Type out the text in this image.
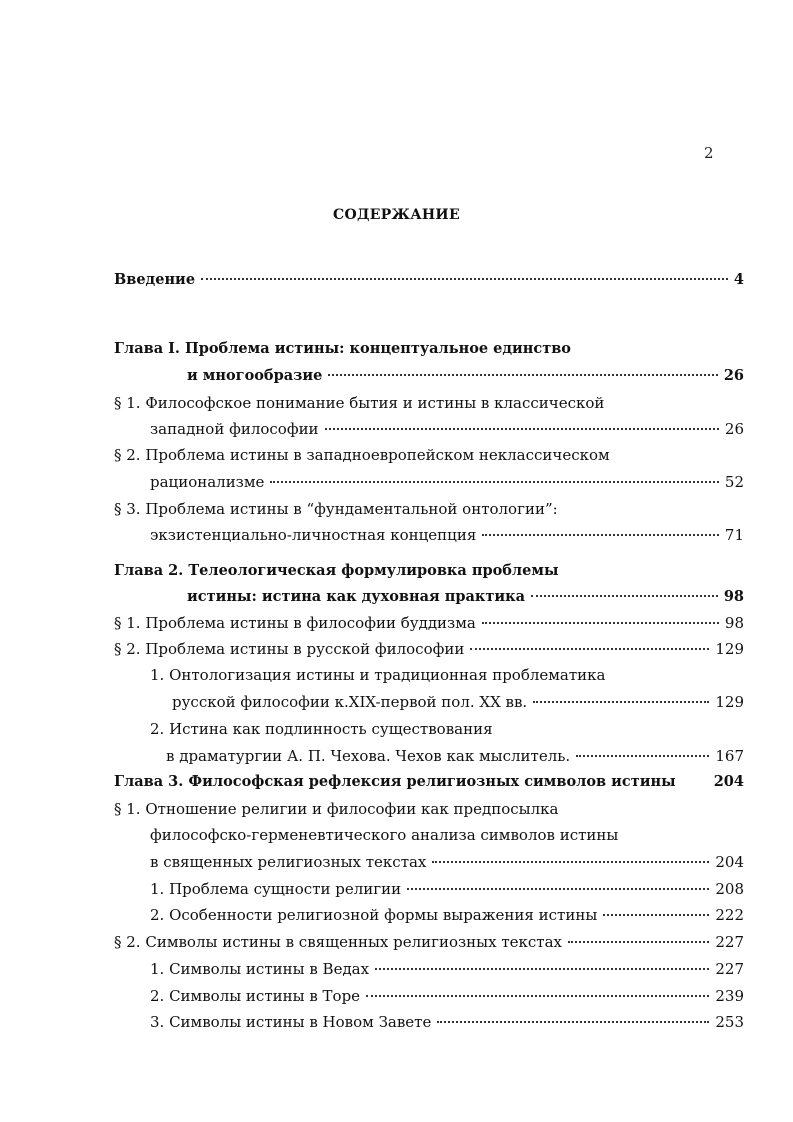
2
СОДЕРЖАНИЕ
Введение	4
Глава I. Проблема истины: концептуальное единство
и многообразие	26
§ 1. Философское понимание бытия и истины в классической
западной философии	26
§ 2. Проблема истины в западноевропейском неклассическом
рационализме	52
§ 3. Проблема истины в “фундаментальной онтологии”:
экзистенциально-личностная концепция	71
Глава 2. Телеологическая формулировка проблемы
истины: истина как духовная практика	98
§ 1. Проблема истины в философии буддизма	98
§ 2. Проблема истины в русской философии	129
1. Онтологизация истины и традиционная проблематика
русской философии к.XIX-первой пол. XX вв.	129
2. Истина как подлинность существования
в драматургии А. П. Чехова. Чехов как мыслитель.	167
Глава 3. Философская рефлексия религиозных символов истины	204
§ 1. Отношение религии и философии как предпосылка
философско-герменевтического анализа символов истины
в священных религиозных текстах	204
1. Проблема сущности религии	208
2. Особенности религиозной формы выражения истины	222
§ 2. Символы истины в священных религиозных текстах	227
1. Символы истины в Ведах	227
2. Символы истины в Торе	239
3. Символы истины в Новом Завете	253
